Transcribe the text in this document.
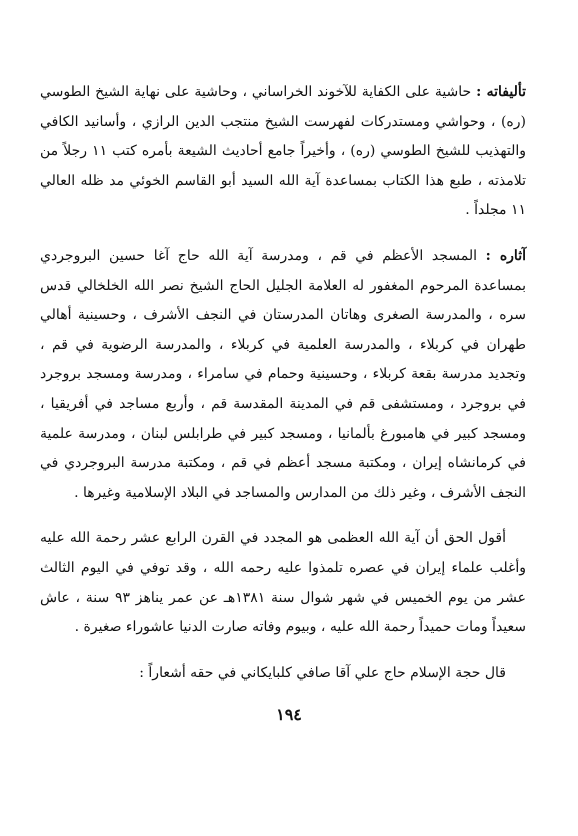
تأليفاته : حاشية على الكفاية للآخوند الخراساني ، وحاشية على نهاية الشيخ الطوسي (ره) ، وحواشي ومستدركات لفهرست الشيخ منتجب الدين الرازي ، وأسانيد الكافي والتهذيب للشيخ الطوسي (ره) ، وأخيراً جامع أحاديث الشيعة بأمره كتب ١١ رجلاً من تلامذته ، طبع هذا الكتاب بمساعدة آية الله السيد أبو القاسم الخوئي مد ظله العالي ١١ مجلداً .

آثاره : المسجد الأعظم في قم ، ومدرسة آية الله حاج آغا حسين البروجردي بمساعدة المرحوم المغفور له العلامة الجليل الحاج الشيخ نصر الله الخلخالي قدس سره ، والمدرسة الصغرى وهاتان المدرستان في النجف الأشرف ، وحسينية أهالي طهران في كربلاء ، والمدرسة العلمية في كربلاء ، والمدرسة الرضوية في قم ، وتجديد مدرسة بقعة كربلاء ، وحسينية وحمام في سامراء ، ومدرسة ومسجد بروجرد في بروجرد ، ومستشفى قم في المدينة المقدسة قم ، وأربع مساجد في أفريقيا ، ومسجد كبير في هامبورغ بألمانيا ، ومسجد كبير في طرابلس لبنان ، ومدرسة علمية في كرمانشاه إيران ، ومكتبة مسجد أعظم في قم ، ومكتبة مدرسة البروجردي في النجف الأشرف ، وغير ذلك من المدارس والمساجد في البلاد الإسلامية وغيرها .

أقول الحق أن آية الله العظمى هو المجدد في القرن الرابع عشر رحمة الله عليه وأغلب علماء إيران في عصره تلمذوا عليه رحمه الله ، وقد توفي في اليوم الثالث عشر من يوم الخميس في شهر شوال سنة ١٣٨١هـ عن عمر يناهز ٩٣ سنة ، عاش سعيداً ومات حميداً رحمة الله عليه ، وبيوم وفاته صارت الدنيا عاشوراء صغيرة .

قال حجة الإسلام حاج علي آقا صافي كلبايكاني في حقه أشعاراً :

١٩٤
